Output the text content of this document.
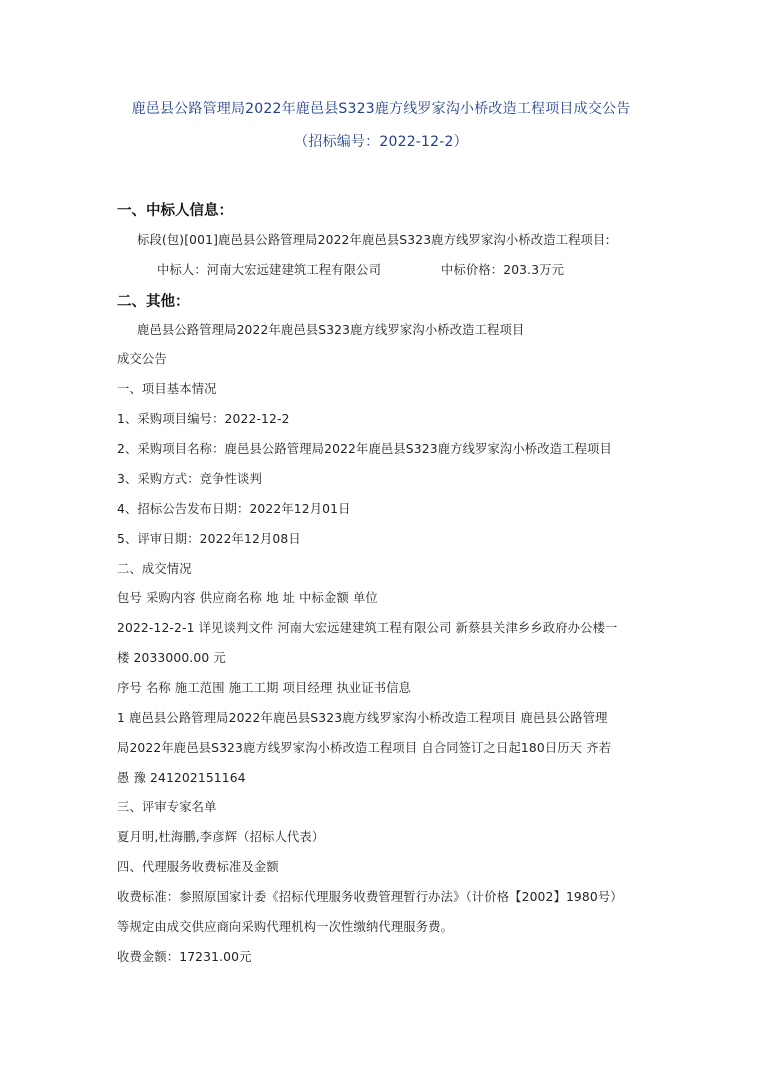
鹿邑县公路管理局2022年鹿邑县S323鹿方线罗家沟小桥改造工程项目成交公告
（招标编号：2022-12-2）
一、中标人信息：
标段(包)[001]鹿邑县公路管理局2022年鹿邑县S323鹿方线罗家沟小桥改造工程项目:
中标人：河南大宏远建建筑工程有限公司	中标价格：203.3万元
二、其他：
鹿邑县公路管理局2022年鹿邑县S323鹿方线罗家沟小桥改造工程项目
成交公告
一、项目基本情况
1、采购项目编号：2022-12-2
2、采购项目名称：鹿邑县公路管理局2022年鹿邑县S323鹿方线罗家沟小桥改造工程项目
3、采购方式：竞争性谈判
4、招标公告发布日期：2022年12月01日
5、评审日期：2022年12月08日
二、成交情况
包号 采购内容 供应商名称 地 址 中标金额 单位
2022-12-2-1 详见谈判文件 河南大宏远建建筑工程有限公司 新蔡县关津乡乡政府办公楼一
楼 2033000.00 元
序号 名称 施工范围 施工工期 项目经理 执业证书信息
1 鹿邑县公路管理局2022年鹿邑县S323鹿方线罗家沟小桥改造工程项目 鹿邑县公路管理
局2022年鹿邑县S323鹿方线罗家沟小桥改造工程项目 自合同签订之日起180日历天 齐若
愚 豫 241202151164
三、评审专家名单
夏月明,杜海鹏,李彦辉（招标人代表）
四、代理服务收费标准及金额
收费标准：参照原国家计委《招标代理服务收费管理暂行办法》（计价格【2002】1980号）
等规定由成交供应商向采购代理机构一次性缴纳代理服务费。
收费金额：17231.00元
